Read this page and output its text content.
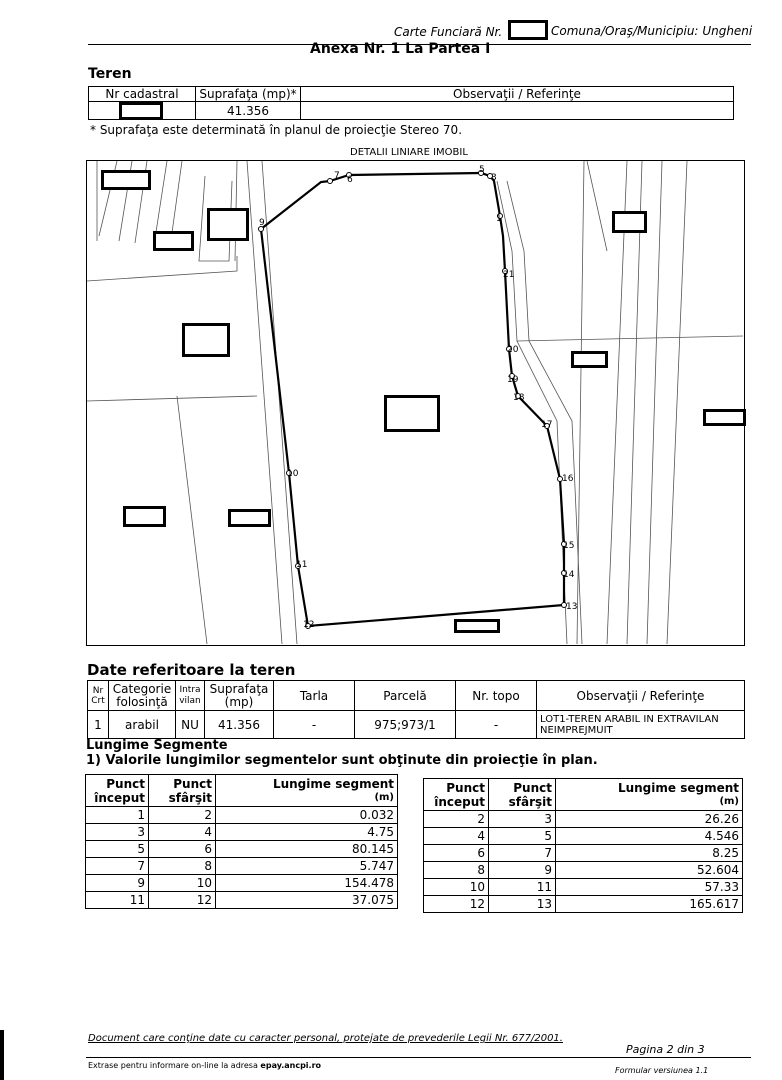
Carte Funciară Nr.	Comuna/Oraş/Municipiu: Ungheni
Anexa Nr. 1 La Partea I
Teren
Nr cadastral	Suprafaţa (mp)*	Observaţii / Referinţe

	41.356	
* Suprafaţa este determinată în planul de proiecţie Stereo 70.
DETALII LINIARE IMOBIL
7 6
5
3
1
21
20
19
18
17
16
15
14
13
12
11
10
9
Date referitoare la teren
Nr Crt	Categorie folosinţă	Intra vilan	Suprafaţa (mp)	Tarla	Parcelă	Nr. topo	Observaţii / Referinţe
1	arabil	NU	41.356	-	975;973/1	-	LOT1-TEREN ARABIL IN EXTRAVILAN NEIMPREJMUIT
Lungime Segmente
1) Valorile lungimilor segmentelor sunt obţinute din proiecţie în plan.
Punct început	Punct sfârşit	Lungime segment
(m)

1	2	0.032
3	4	4.75
5	6	80.145
7	8	5.747
9	10	154.478
11	12	37.075
Punct început	Punct sfârşit	Lungime segment
(m)

2	3	26.26
4	5	4.546
6	7	8.25
8	9	52.604
10	11	57.33
12	13	165.617
Document care conţine date cu caracter personal, protejate de prevederile Legii Nr. 677/2001.
Pagina 2 din 3
Extrase pentru informare on-line la adresa epay.ancpi.ro
Formular versiunea 1.1
